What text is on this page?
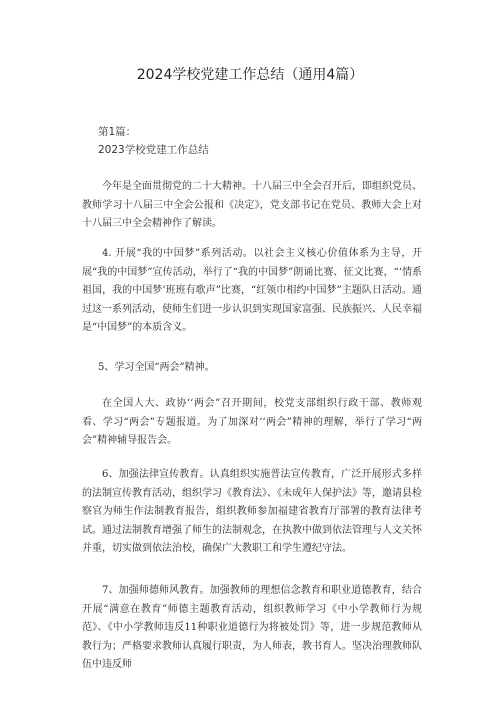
2024学校党建工作总结（通用4篇）
第1篇：
2023学校党建工作总结
今年是全面贯彻党的二十大精神。十八届三中全会召开后，即组织党员、教师学习十八届三中全会公报和《决定》，党支部书记在党员、教师大会上对十八届三中全会精神作了解读。
4. 开展“我的中国梦”系列活动。以社会主义核心价值体系为主导，开展“我的中国梦”宣传活动，举行了“我的中国梦”朗诵比赛、征文比赛，“‘情系祖国，我的中国梦’班班有歌声”比赛，“红领巾相约中国梦”主题队日活动。通过这一系列活动，使师生们进一步认识到实现国家富强、民族振兴、人民幸福是“中国梦”的本质含义。
5、学习全国“两会”精神。
在全国人大、政协‘‘两会”召开期间，校党支部组织行政干部、教师观看、学习“两会”专题报道。为了加深对‘‘两会”精神的理解，举行了学习“两会”精神辅导报告会。
6、加强法律宣传教育。认真组织实施普法宣传教育，广泛开展形式多样的法制宣传教育活动，组织学习《教育法》、《未成年人保护法》等，邀请县检察官为师生作法制教育报告，组织教师参加福建省教育厅部署的教育法律考试。通过法制教育增强了师生的法制观念，在执教中做到依法管理与人文关怀并重，切实做到依法治校，确保广大教职工和学生遵纪守法。
7、加强师德师风教育。加强教师的理想信念教育和职业道德教育，结合开展“满意在教育”师德主题教育活动，组织教师学习《中小学教师行为规范》、《中小学教师违反11种职业道德行为将被处罚》等，进一步规范教师从教行为；严格要求教师认真履行职责，为人师表，教书育人。坚决治理教师队伍中违反师
